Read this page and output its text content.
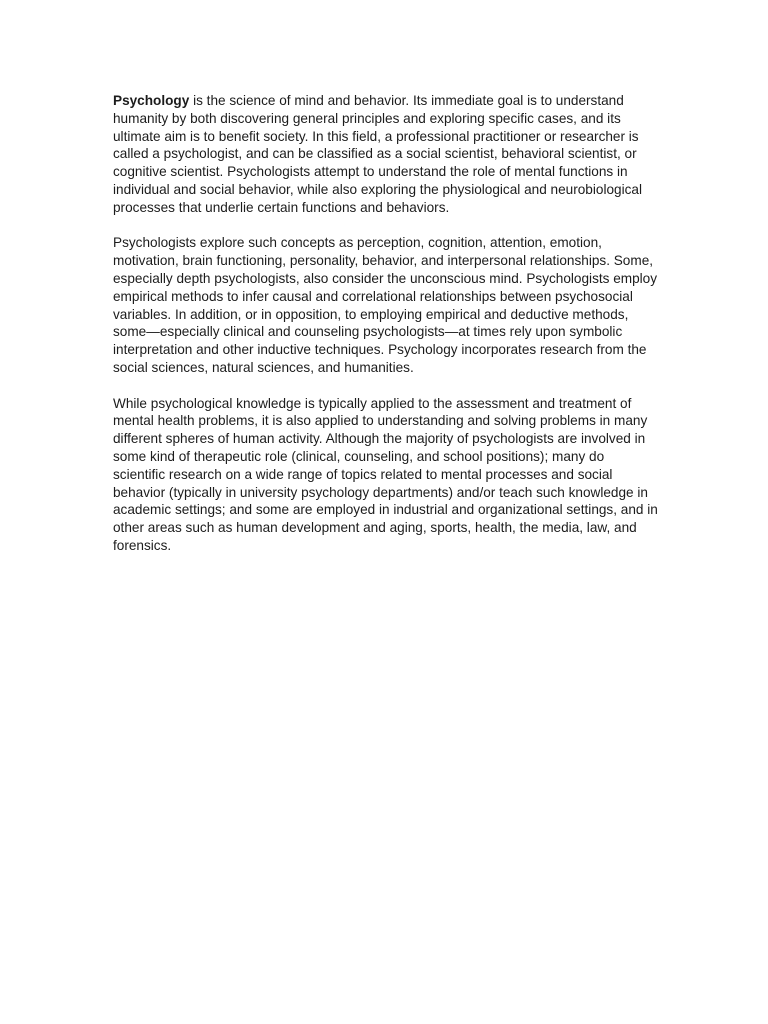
Psychology is the science of mind and behavior. Its immediate goal is to understand humanity by both discovering general principles and exploring specific cases, and its ultimate aim is to benefit society. In this field, a professional practitioner or researcher is called a psychologist, and can be classified as a social scientist, behavioral scientist, or cognitive scientist. Psychologists attempt to understand the role of mental functions in individual and social behavior, while also exploring the physiological and neurobiological processes that underlie certain functions and behaviors.

Psychologists explore such concepts as perception, cognition, attention, emotion, motivation, brain functioning, personality, behavior, and interpersonal relationships. Some, especially depth psychologists, also consider the unconscious mind. Psychologists employ empirical methods to infer causal and correlational relationships between psychosocial variables. In addition, or in opposition, to employing empirical and deductive methods, some—especially clinical and counseling psychologists—at times rely upon symbolic interpretation and other inductive techniques. Psychology incorporates research from the social sciences, natural sciences, and humanities.

While psychological knowledge is typically applied to the assessment and treatment of mental health problems, it is also applied to understanding and solving problems in many different spheres of human activity. Although the majority of psychologists are involved in some kind of therapeutic role (clinical, counseling, and school positions); many do scientific research on a wide range of topics related to mental processes and social behavior (typically in university psychology departments) and/or teach such knowledge in academic settings; and some are employed in industrial and organizational settings, and in other areas such as human development and aging, sports, health, the media, law, and forensics.
